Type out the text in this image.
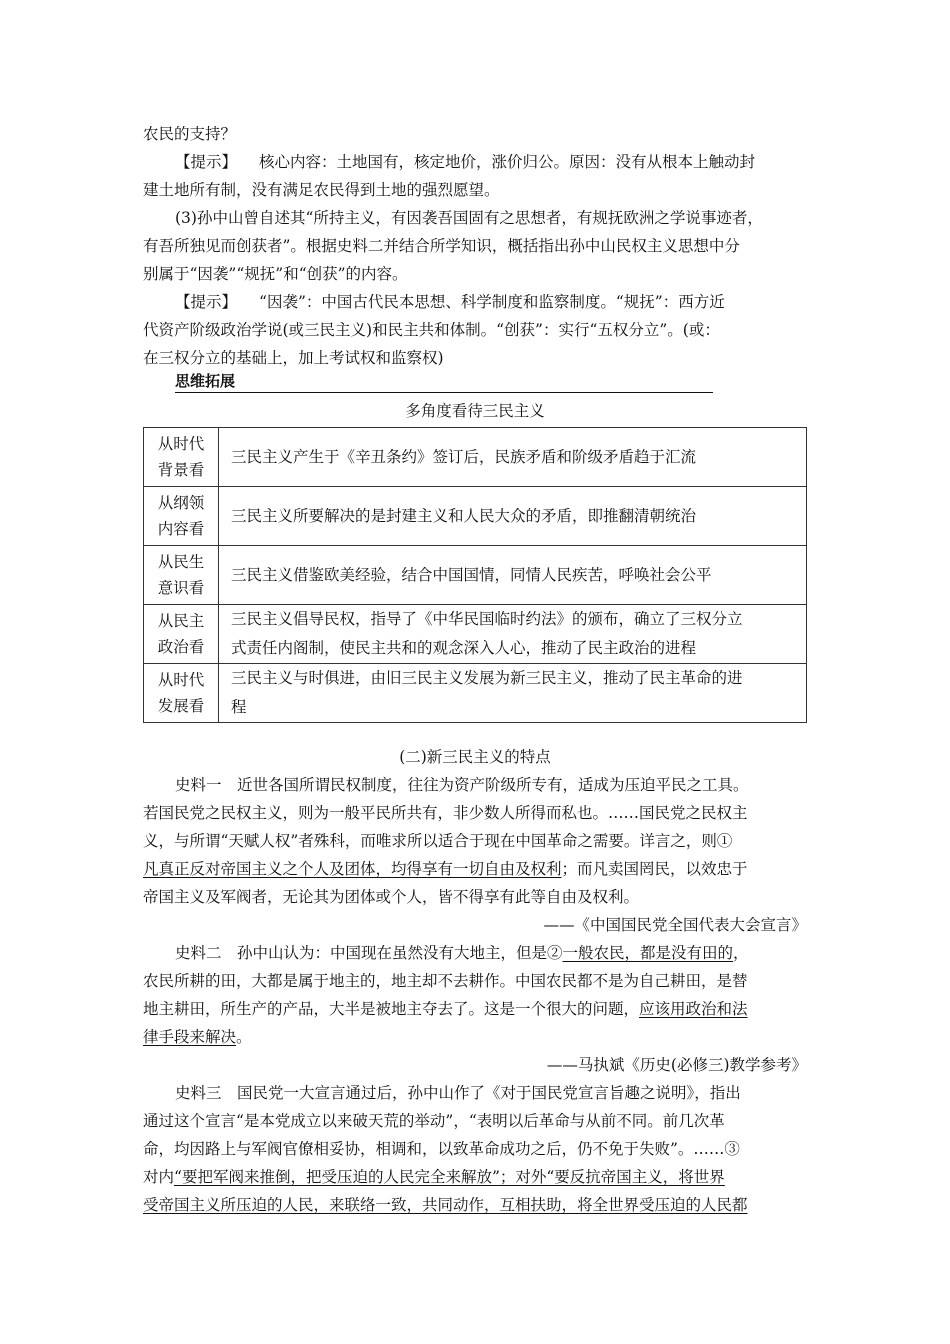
农民的支持？
【提示】 核心内容：土地国有，核定地价，涨价归公。原因：没有从根本上触动封
建土地所有制，没有满足农民得到土地的强烈愿望。
(3)孙中山曾自述其“所持主义，有因袭吾国固有之思想者，有规抚欧洲之学说事迹者，
有吾所独见而创获者”。根据史料二并结合所学知识，概括指出孙中山民权主义思想中分
别属于“因袭”“规抚”和“创获”的内容。
【提示】 “因袭”：中国古代民本思想、科学制度和监察制度。“规抚”：西方近
代资产阶级政治学说(或三民主义)和民主共和体制。“创获”：实行“五权分立”。(或：
在三权分立的基础上，加上考试权和监察权)
思维拓展
多角度看待三民主义
从时代
背景看	三民主义产生于《辛丑条约》签订后，民族矛盾和阶级矛盾趋于汇流
从纲领
内容看	三民主义所要解决的是封建主义和人民大众的矛盾，即推翻清朝统治
从民生
意识看	三民主义借鉴欧美经验，结合中国国情，同情人民疾苦，呼唤社会公平
从民主
政治看	三民主义倡导民权，指导了《中华民国临时约法》的颁布，确立了三权分立
式责任内阁制，使民主共和的观念深入人心，推动了民主政治的进程
从时代
发展看	三民主义与时俱进，由旧三民主义发展为新三民主义，推动了民主革命的进
程
(二)新三民主义的特点
史料一　近世各国所谓民权制度，往往为资产阶级所专有，适成为压迫平民之工具。
若国民党之民权主义，则为一般平民所共有，非少数人所得而私也。……国民党之民权主
义，与所谓“天赋人权”者殊科，而唯求所以适合于现在中国革命之需要。详言之，则①
凡真正反对帝国主义之个人及团体，均得享有一切自由及权利；而凡卖国罔民，以效忠于
帝国主义及军阀者，无论其为团体或个人，皆不得享有此等自由及权利。
——《中国国民党全国代表大会宣言》
史料二　孙中山认为：中国现在虽然没有大地主，但是②一般农民，都是没有田的，
农民所耕的田，大都是属于地主的，地主却不去耕作。中国农民都不是为自己耕田，是替
地主耕田，所生产的产品，大半是被地主夺去了。这是一个很大的问题，应该用政治和法
律手段来解决。
——马执斌《历史(必修三)教学参考》
史料三　国民党一大宣言通过后，孙中山作了《对于国民党宣言旨趣之说明》，指出
通过这个宣言“是本党成立以来破天荒的举动”，“表明以后革命与从前不同。前几次革
命，均因路上与军阀官僚相妥协，相调和，以致革命成功之后，仍不免于失败”。……③
对内“要把军阀来推倒，把受压迫的人民完全来解放”；对外“要反抗帝国主义，将世界
受帝国主义所压迫的人民，来联络一致，共同动作，互相扶助，将全世界受压迫的人民都
